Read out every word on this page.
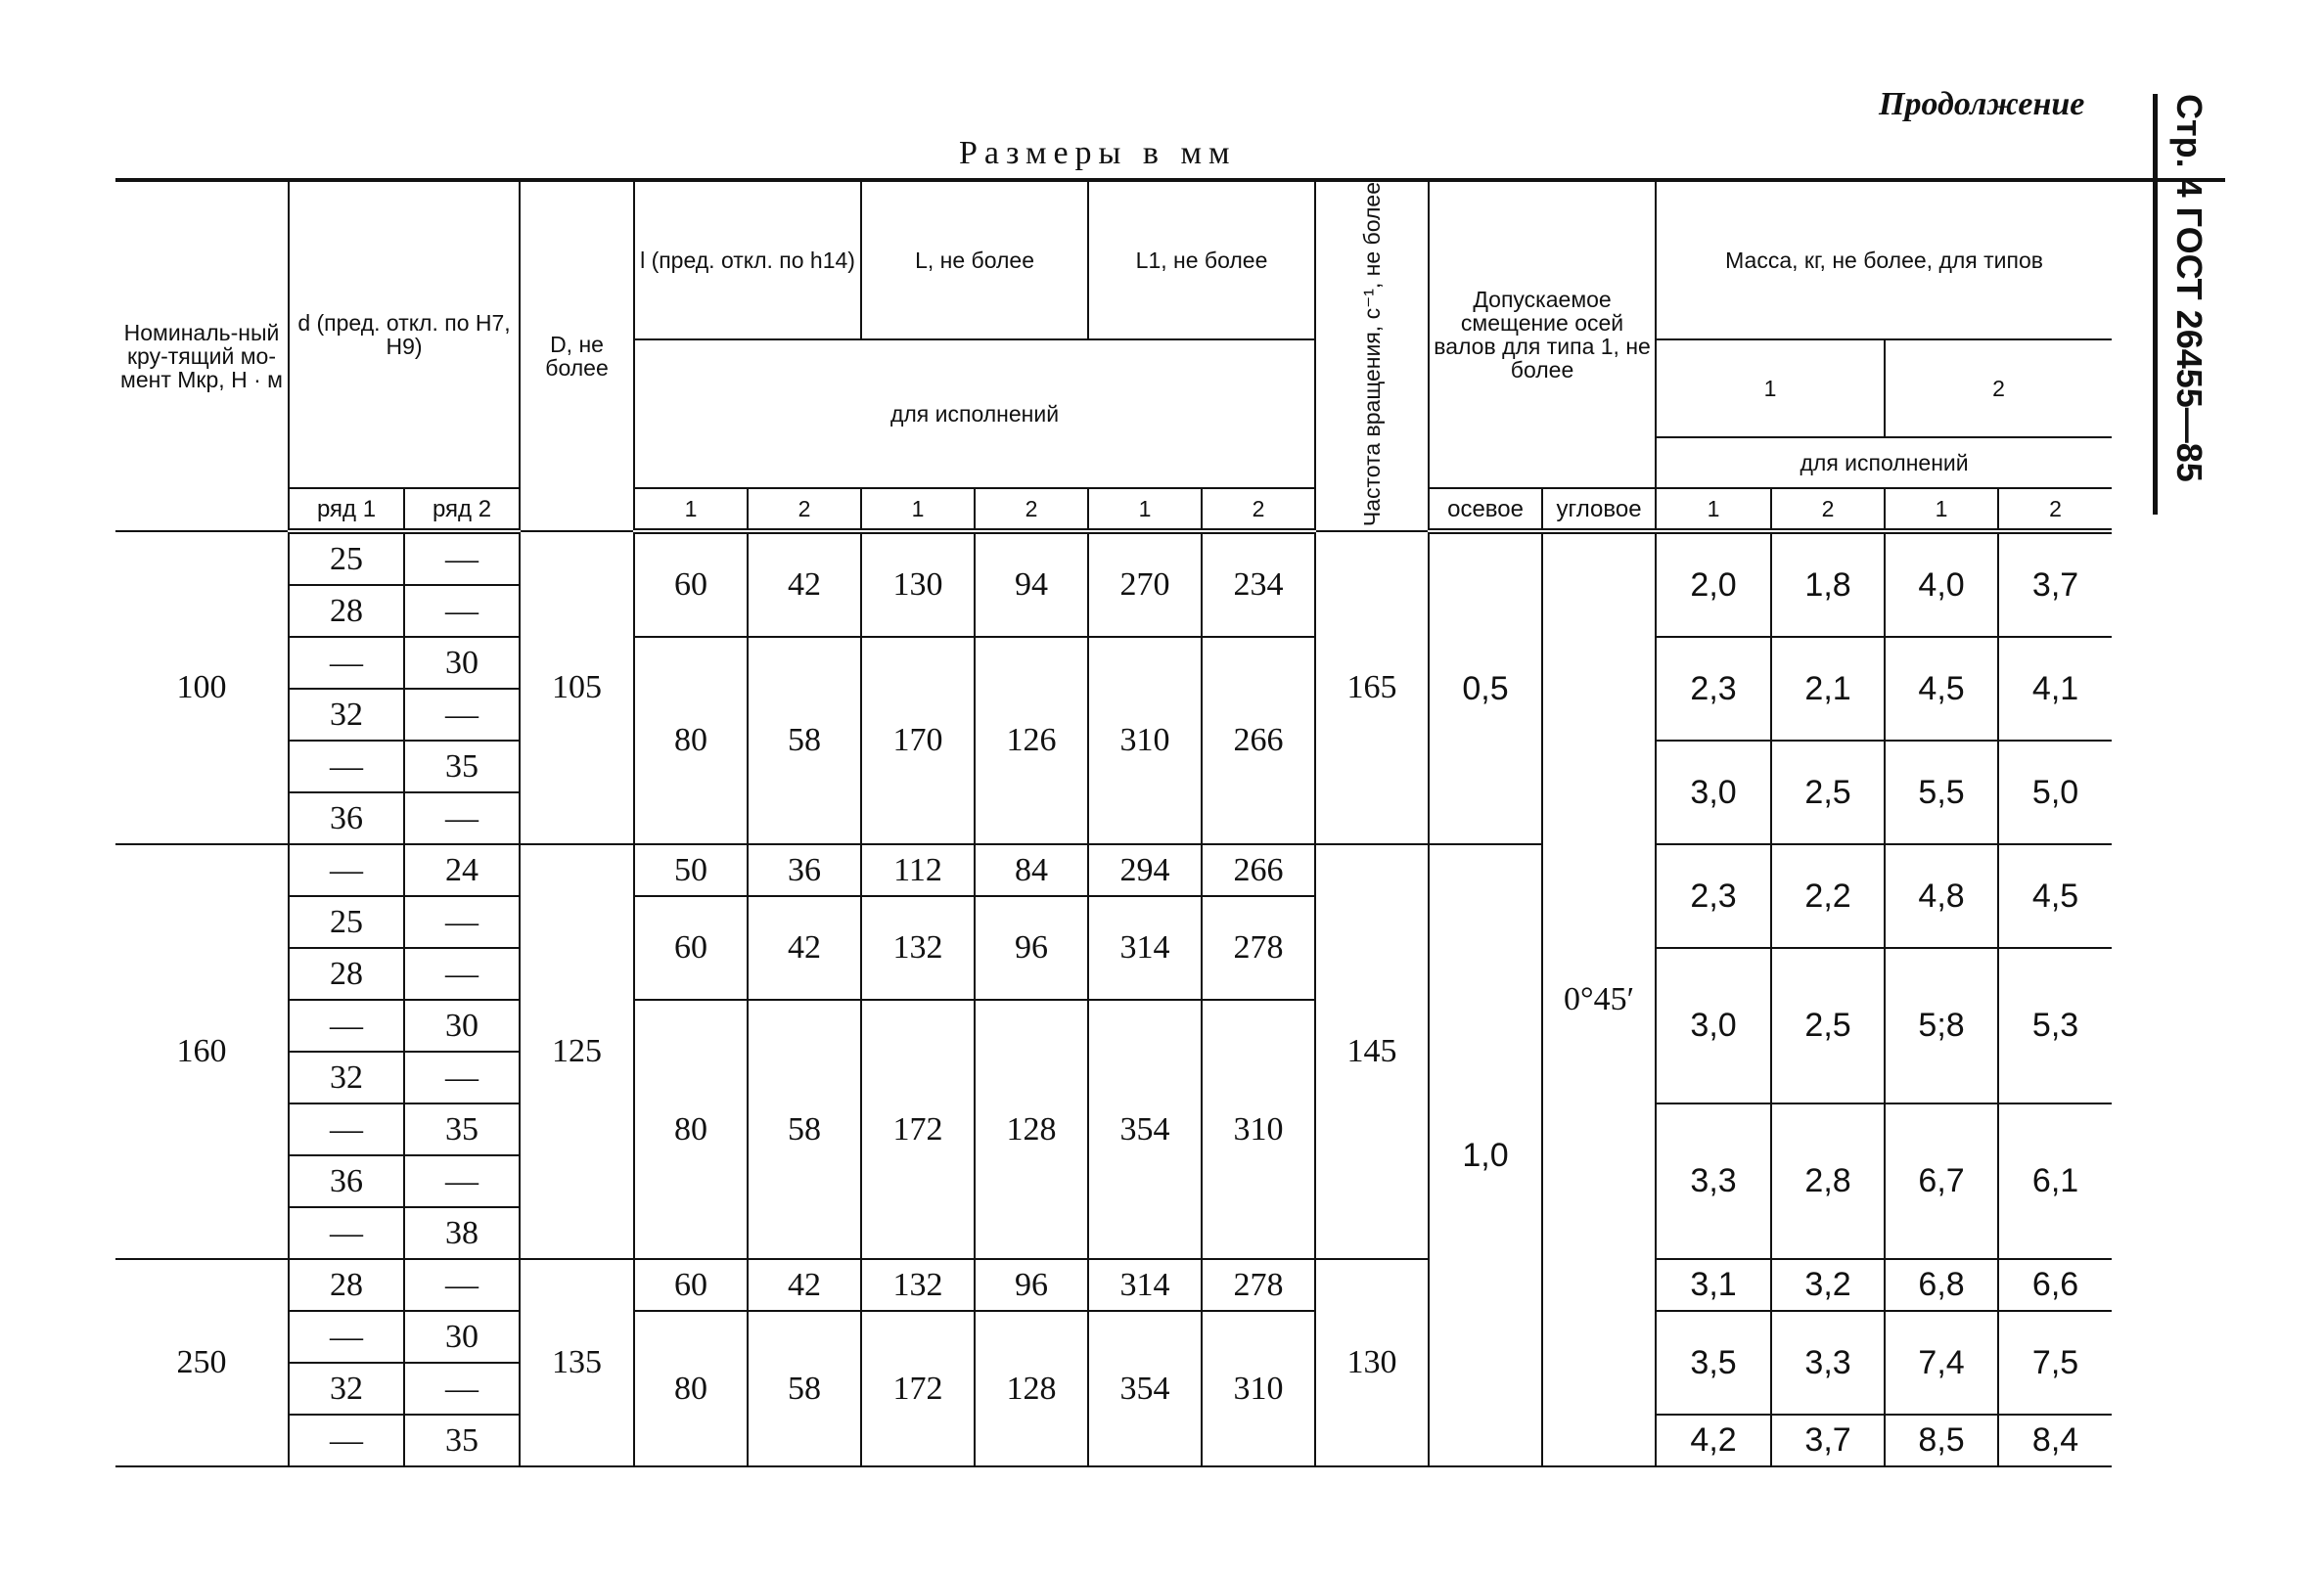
Продолжение
Размеры в мм	Стр. 4 ГОСТ 26455—85
Номиналь-ный кру-тящий мо-мент Mкр, Н · м	d (пред. откл. по H7, H9)		D, не более	l (пред. откл. по h14)		L, не более		L1, не более		Частота вращения, с⁻¹, не более	Допускаемое смещение осей валов для типа 1, не более		Масса, кг, не более, для типов			
				для исполнений									1		2	
													для исполнений			
	ряд 1	ряд 2		1	2	1	2	1	2		осевое	угловое	1	2	1	2
100	25	—	105	60	42	130	94	270	234	165	0,5	0°45′	2,0	1,8	4,0	3,7
	28	—														
	—	30		80	58	170	126	310	266				2,3	2,1	4,5	4,1
	32	—														
	—	35											3,0	2,5	5,5	5,0
	36	—														
160	—	24	125	50	36	112	84	294	266	145	1,0		2,3	2,2	4,8	4,5
	25	—		60	42	132	96	314	278							
	28	—											3,0	2,5	5;8	5,3
	—	30		80	58	172	128	354	310							
	32	—														
	—	35											3,3	2,8	6,7	6,1
	36	—														
	—	38														
250	28	—	135	60	42	132	96	314	278	130			3,1	3,2	6,8	6,6
	—	30		80	58	172	128	354	310				3,5	3,3	7,4	7,5
	32	—														
	—	35											4,2	3,7	8,5	8,4
